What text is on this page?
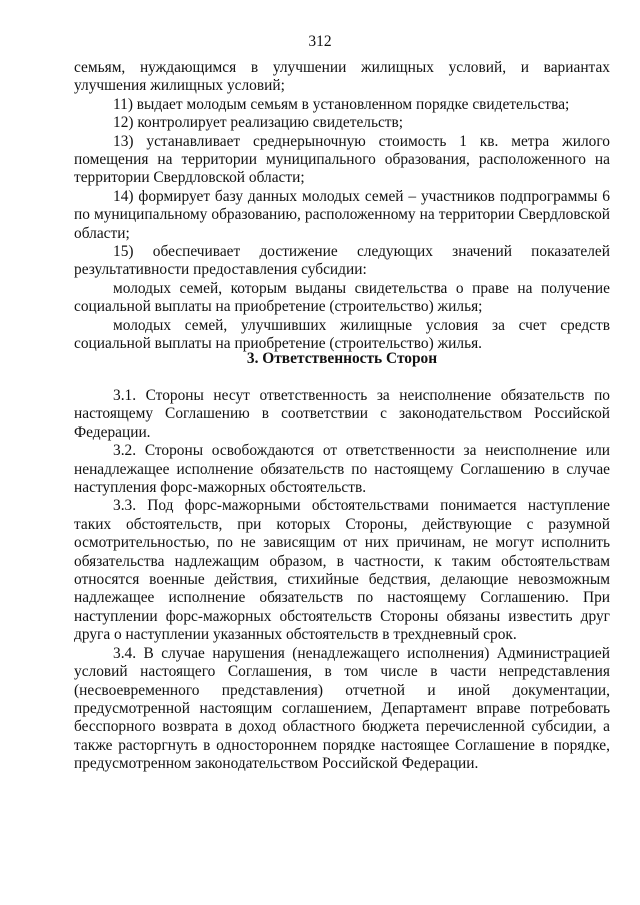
312

семьям, нуждающимся в улучшении жилищных условий, и вариантах улучшения жилищных условий;

11) выдает молодым семьям в установленном порядке свидетельства;

12) контролирует реализацию свидетельств;

13) устанавливает среднерыночную стоимость 1 кв. метра жилого помещения на территории муниципального образования, расположенного на территории Свердловской области;

14) формирует базу данных молодых семей – участников подпрограммы 6 по муниципальному образованию, расположенному на территории Свердловской области;

15) обеспечивает достижение следующих значений показателей результативности предоставления субсидии:

молодых семей, которым выданы свидетельства о праве на получение социальной выплаты на приобретение (строительство) жилья;

молодых семей, улучшивших жилищные условия за счет средств социальной выплаты на приобретение (строительство) жилья.

3. Ответственность Сторон

3.1. Стороны несут ответственность за неисполнение обязательств по настоящему Соглашению в соответствии с законодательством Российской Федерации.

3.2. Стороны освобождаются от ответственности за неисполнение или ненадлежащее исполнение обязательств по настоящему Соглашению в случае наступления форс-мажорных обстоятельств.

3.3. Под форс-мажорными обстоятельствами понимается наступление таких обстоятельств, при которых Стороны, действующие с разумной осмотрительностью, по не зависящим от них причинам, не могут исполнить обязательства надлежащим образом, в частности, к таким обстоятельствам относятся военные действия, стихийные бедствия, делающие невозможным надлежащее исполнение обязательств по настоящему Соглашению. При наступлении форс-мажорных обстоятельств Стороны обязаны известить друг друга о наступлении указанных обстоятельств в трехдневный срок.

3.4. В случае нарушения (ненадлежащего исполнения) Администрацией условий настоящего Соглашения, в том числе в части непредставления (несвоевременного представления) отчетной и иной документации, предусмотренной настоящим соглашением, Департамент вправе потребовать бесспорного возврата в доход областного бюджета перечисленной субсидии, а также расторгнуть в одностороннем порядке настоящее Соглашение в порядке, предусмотренном законодательством Российской Федерации.
